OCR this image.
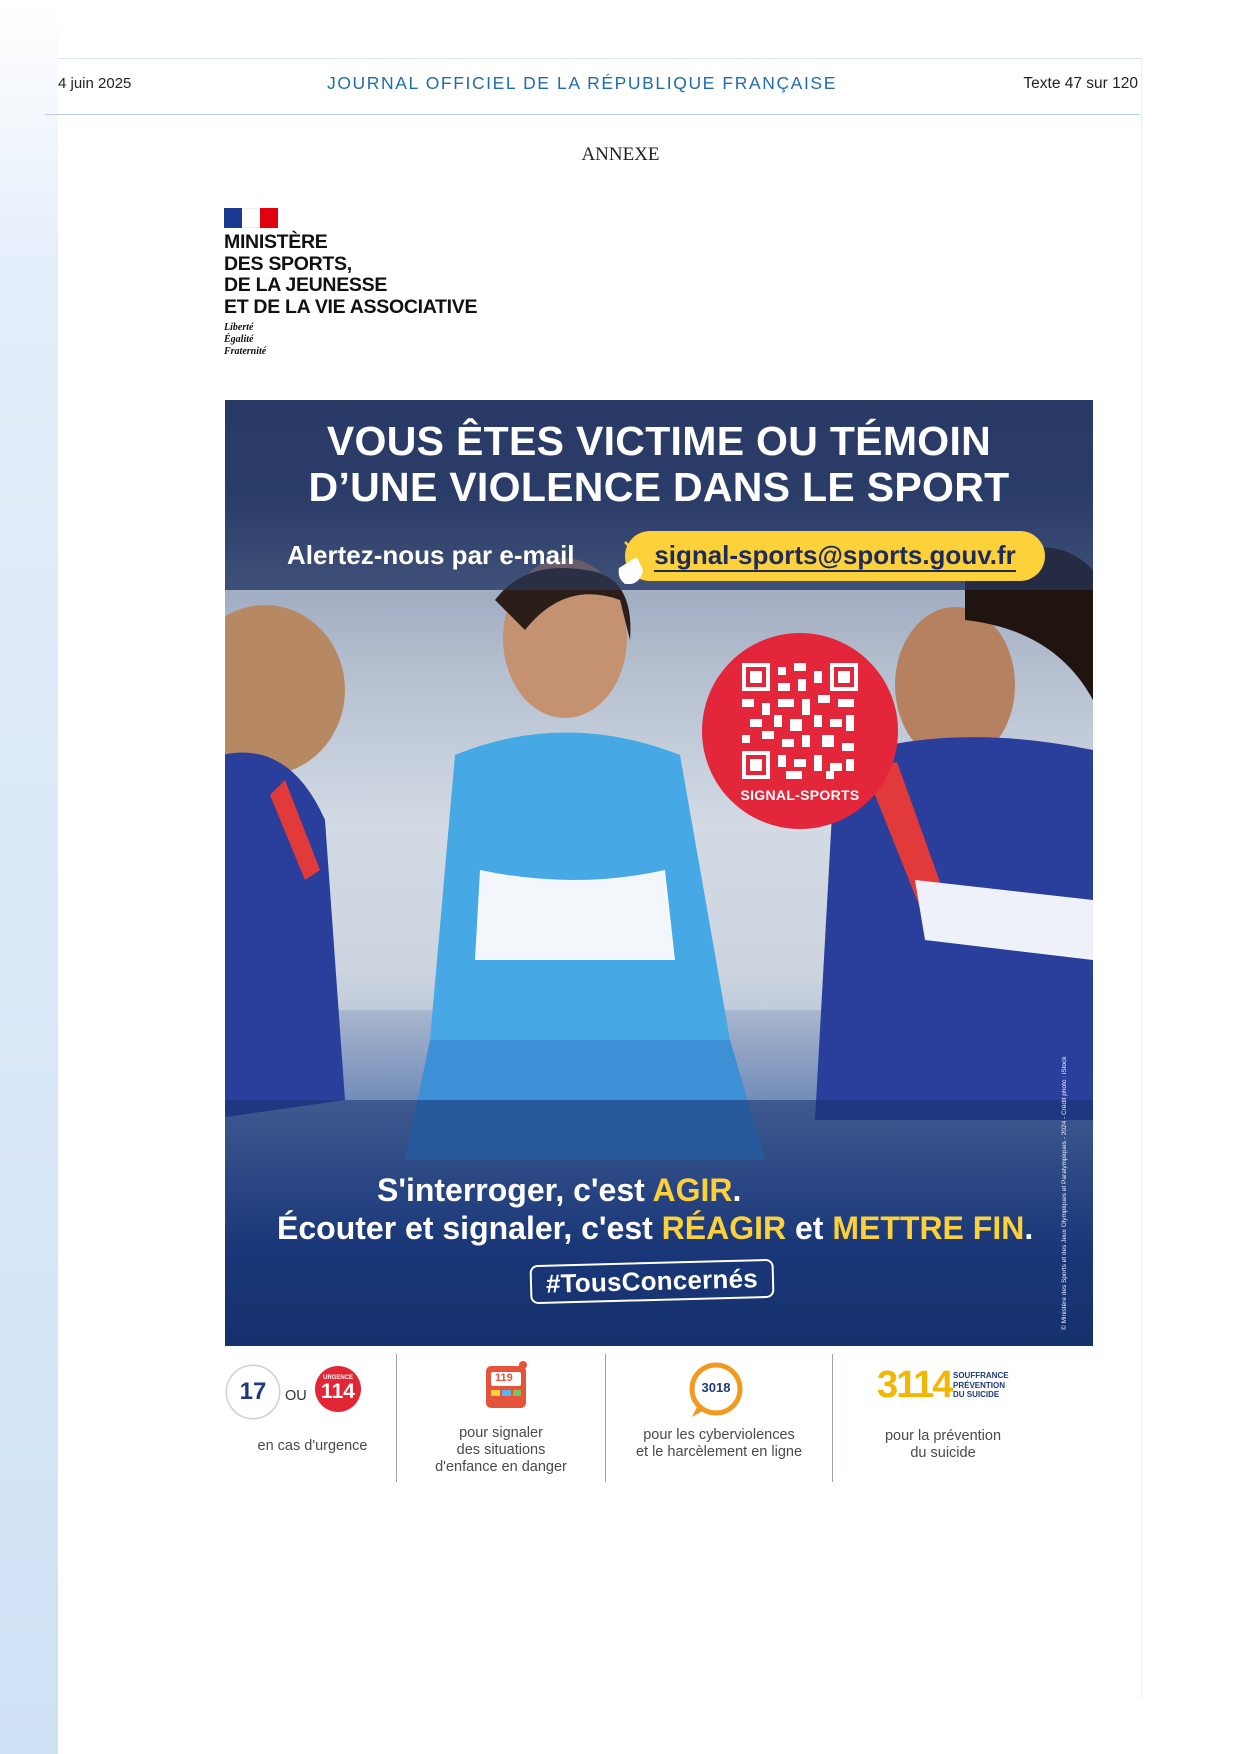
4 juin 2025	JOURNAL OFFICIEL DE LA RÉPUBLIQUE FRANÇAISE	Texte 47 sur 120
ANNEXE
MINISTÈRE
DES SPORTS,
DE LA JEUNESSE
ET DE LA VIE ASSOCIATIVE
Liberté
Égalité
Fraternité
VOUS ÊTES VICTIME OU TÉMOIN
D’UNE VIOLENCE DANS LE SPORT
Alertez-nous par e-mail	signal-sports@sports.gouv.fr
SIGNAL-SPORTS
S'interroger, c'est AGIR.
Écouter et signaler, c'est RÉAGIR et METTRE FIN.
#TousConcernés	© Ministère des Sports et des Jeux Olympiques et Paralympiques - 2024 - Crédit photo : iStock
17 OU
URGENCE
114
en cas d'urgence
119
pour signaler
des situations
d'enfance en danger
3018
pour les cyberviolences
et le harcèlement en ligne
3114 SOUFFRANCE
PRÉVENTION
DU SUICIDE
pour la prévention
du suicide
